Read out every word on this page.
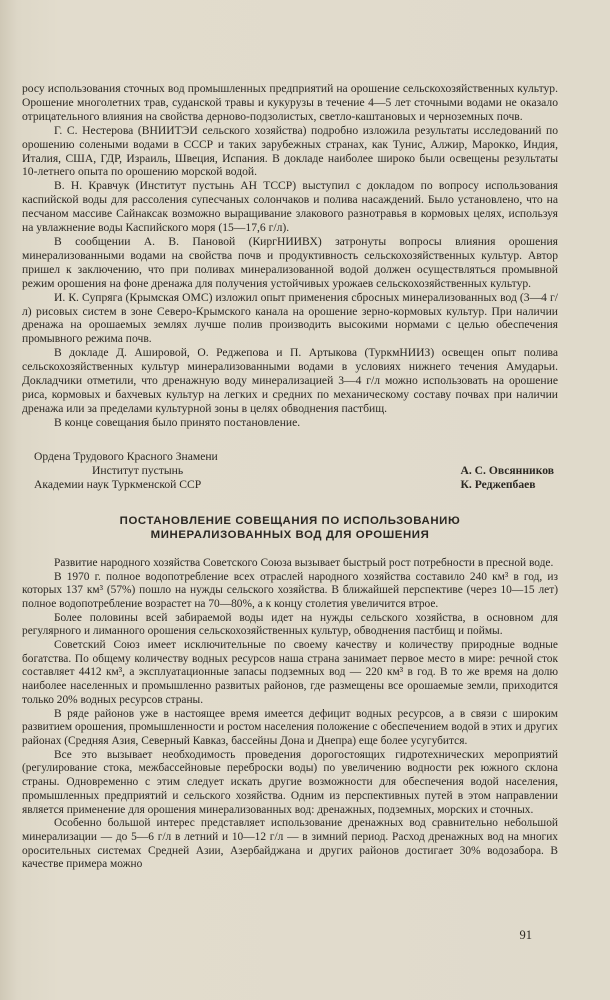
росу использования сточных вод промышленных предприятий на орошение сельскохозяйственных культур. Орошение многолетних трав, суданской травы и кукурузы в течение 4—5 лет сточными водами не оказало отрицательного влияния на свойства дерново-подзолистых, светло-каштановых и черноземных почв.

Г. С. Нестерова (ВНИИТЭИ сельского хозяйства) подробно изложила результаты исследований по орошению солеными водами в СССР и таких зарубежных странах, как Тунис, Алжир, Марокко, Индия, Италия, США, ГДР, Израиль, Швеция, Испания. В докладе наиболее широко были освещены результаты 10-летнего опыта по орошению морской водой.

В. Н. Кравчук (Институт пустынь АН ТССР) выступил с докладом по вопросу использования каспийской воды для рассоления супесчаных солончаков и полива насаждений. Было установлено, что на песчаном массиве Сайнаксак возможно выращивание злакового разнотравья в кормовых целях, используя на увлажнение воды Каспийского моря (15—17,6 г/л).

В сообщении А. В. Пановой (КиргНИИВХ) затронуты вопросы влияния орошения минерализованными водами на свойства почв и продуктивность сельскохозяйственных культур. Автор пришел к заключению, что при поливах минерализованной водой должен осуществляться промывной режим орошения на фоне дренажа для получения устойчивых урожаев сельскохозяйственных культур.

И. К. Супряга (Крымская ОМС) изложил опыт применения сбросных минерализованных вод (3—4 г/л) рисовых систем в зоне Северо-Крымского канала на орошение зерно-кормовых культур. При наличии дренажа на орошаемых землях лучше полив производить высокими нормами с целью обеспечения промывного режима почв.

В докладе Д. Ашировой, О. Реджепова и П. Артыкова (ТуркмНИИЗ) освещен опыт полива сельскохозяйственных культур минерализованными водами в условиях нижнего течения Амударьи. Докладчики отметили, что дренажную воду минерализацией 3—4 г/л можно использовать на орошение риса, кормовых и бахчевых культур на легких и средних по механическому составу почвах при наличии дренажа или за пределами культурной зоны в целях обводнения пастбищ.

В конце совещания было принято постановление.

Ордена Трудового Красного Знамени
Институт пустынь
Академии наук Туркменской ССР
А. С. Овсянников
К. Реджепбаев
ПОСТАНОВЛЕНИЕ СОВЕЩАНИЯ ПО ИСПОЛЬЗОВАНИЮ
МИНЕРАЛИЗОВАННЫХ ВОД ДЛЯ ОРОШЕНИЯ

Развитие народного хозяйства Советского Союза вызывает быстрый рост потребности в пресной воде.

В 1970 г. полное водопотребление всех отраслей народного хозяйства составило 240 км³ в год, из которых 137 км³ (57%) пошло на нужды сельского хозяйства. В ближайшей перспективе (через 10—15 лет) полное водопотребление возрастет на 70—80%, а к концу столетия увеличится втрое.

Более половины всей забираемой воды идет на нужды сельского хозяйства, в основном для регулярного и лиманного орошения сельскохозяйственных культур, обводнения пастбищ и поймы.

Советский Союз имеет исключительные по своему качеству и количеству природные водные богатства. По общему количеству водных ресурсов наша страна занимает первое место в мире: речной сток составляет 4412 км³, а эксплуатационные запасы подземных вод — 220 км³ в год. В то же время на долю наиболее населенных и промышленно развитых районов, где размещены все орошаемые земли, приходится только 20% водных ресурсов страны.

В ряде районов уже в настоящее время имеется дефицит водных ресурсов, а в связи с широким развитием орошения, промышленности и ростом населения положение с обеспечением водой в этих и других районах (Средняя Азия, Северный Кавказ, бассейны Дона и Днепра) еще более усугубится.

Все это вызывает необходимость проведения дорогостоящих гидротехнических мероприятий (регулирование стока, межбассейновые переброски воды) по увеличению водности рек южного склона страны. Одновременно с этим следует искать другие возможности для обеспечения водой населения, промышленных предприятий и сельского хозяйства. Одним из перспективных путей в этом направлении является применение для орошения минерализованных вод: дренажных, подземных, морских и сточных.

Особенно большой интерес представляет использование дренажных вод сравнительно небольшой минерализации — до 5—6 г/л в летний и 10—12 г/л — в зимний период. Расход дренажных вод на многих оросительных системах Средней Азии, Азербайджана и других районов достигает 30% водозабора. В качестве примера можно

91
